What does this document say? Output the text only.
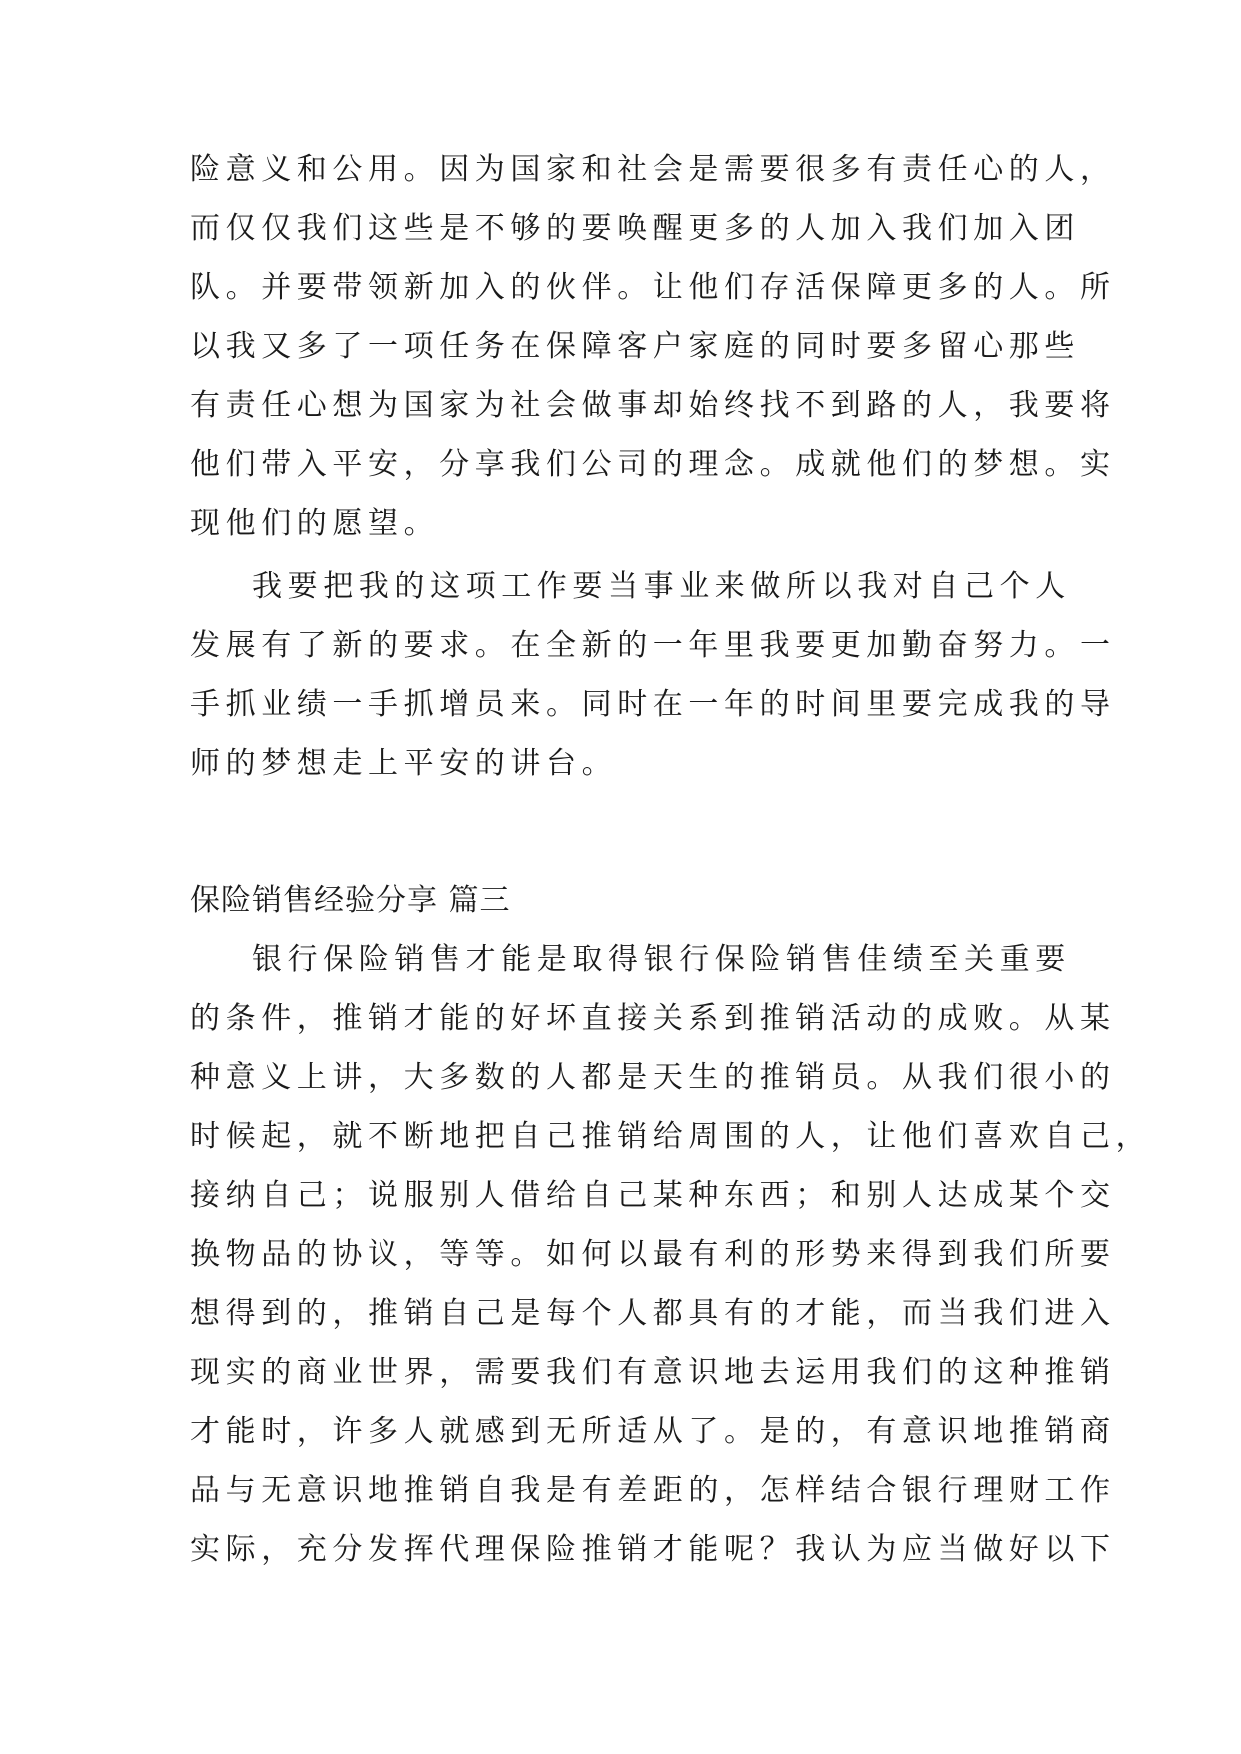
险意义和公用。因为国家和社会是需要很多有责任心的人，
而仅仅我们这些是不够的要唤醒更多的人加入我们加入团
队。并要带领新加入的伙伴。让他们存活保障更多的人。所
以我又多了一项任务在保障客户家庭的同时要多留心那些
有责任心想为国家为社会做事却始终找不到路的人，我要将
他们带入平安，分享我们公司的理念。成就他们的梦想。实
现他们的愿望。
我要把我的这项工作要当事业来做所以我对自己个人
发展有了新的要求。在全新的一年里我要更加勤奋努力。一
手抓业绩一手抓增员来。同时在一年的时间里要完成我的导
师的梦想走上平安的讲台。
保险销售经验分享 篇三
银行保险销售才能是取得银行保险销售佳绩至关重要
的条件，推销才能的好坏直接关系到推销活动的成败。从某
种意义上讲，大多数的人都是天生的推销员。从我们很小的
时候起，就不断地把自己推销给周围的人，让他们喜欢自己，
接纳自己；说服别人借给自己某种东西；和别人达成某个交
换物品的协议，等等。如何以最有利的形势来得到我们所要
想得到的，推销自己是每个人都具有的才能，而当我们进入
现实的商业世界，需要我们有意识地去运用我们的这种推销
才能时，许多人就感到无所适从了。是的，有意识地推销商
品与无意识地推销自我是有差距的，怎样结合银行理财工作
实际，充分发挥代理保险推销才能呢？我认为应当做好以下
